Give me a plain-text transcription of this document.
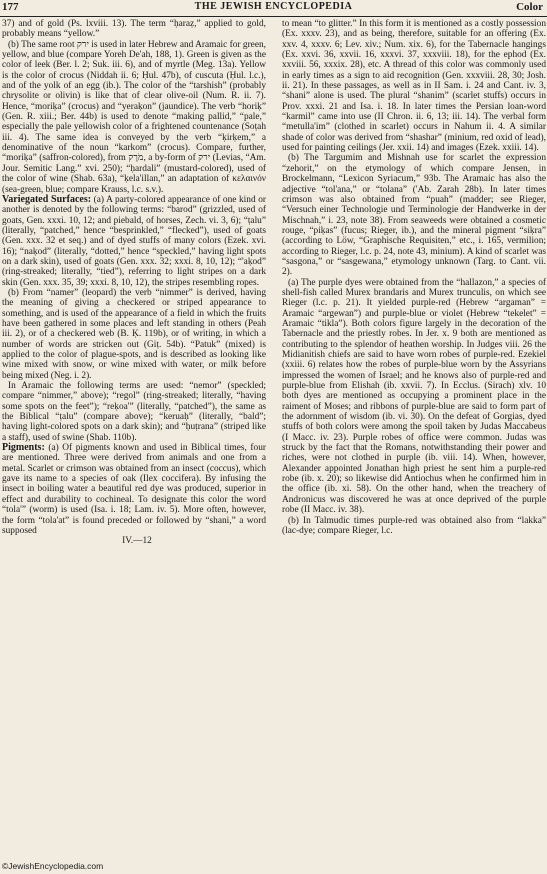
177	THE JEWISH ENCYCLOPEDIA	Color

37) and of gold (Ps. lxviii. 13). The term “ḥaraẓ,” applied to gold, probably means “yellow.”

(b) The same root ירק is used in later Hebrew and Aramaic for green, yellow, and blue (compare Yoreh De'ah, 188, 1). Green is given as the color of leek (Ber. l. 2; Suk. iii. 6), and of myrtle (Meg. 13a). Yellow is the color of crocus (Niddah ii. 6; Ḥul. 47b), of cuscuta (Ḥul. l.c.), and of the yolk of an egg (ib.). The color of the “tarshish” (probably chrysolite or olivin) is like that of clear olive-oil (Num. R. ii. 7). Hence, “moriḳa” (crocus) and “yeraḳon” (jaundice). The verb “horiḳ” (Gen. R. xiii.; Ber. 44b) is used to denote “making pallid,” “pale,” especially the pale yellowish color of a frightened countenance (Soṭah iii. 4). The same idea is conveyed by the verb “ḳirḳem,” a denominative of the noun “karkom” (crocus). Compare, further, “moriḳa” (saffron-colored), from מֹרֶק, a by-form of ירק (Levias, “Am. Jour. Semitic Lang.” xvi. 250); “ḥardali” (mustard-colored), used of the color of wine (Shab. 63a), “ḳela'illan,” an adaptation of κελαινόν (sea-green, blue; compare Krauss, l.c. s.v.).

Variegated Surfaces: (a) A party-colored appearance of one kind or another is denoted by the following terms: “barod” (grizzled, used of goats, Gen. xxxi. 10, 12; and piebald, of horses, Zech. vi. 3, 6); “ṭalu” (literally, “patched,” hence “besprinkled,” “flecked”), used of goats (Gen. xxx. 32 et seq.) and of dyed stuffs of many colors (Ezek. xvi. 16); “naḳod” (literally, “dotted,” hence “speckled,” having light spots on a dark skin), used of goats (Gen. xxx. 32; xxxi. 8, 10, 12); “'aḳod” (ring-streaked; literally, “tied”), referring to light stripes on a dark skin (Gen. xxx. 35, 39; xxxi. 8, 10, 12), the stripes resembling ropes.

(b) From “namer” (leopard) the verb “nimmer” is derived, having the meaning of giving a checkered or striped appearance to something, and is used of the appearance of a field in which the fruits have been gathered in some places and left standing in others (Peah iii. 2), or of a checkered web (B. Ḳ. 119b), or of writing, in which a number of words are stricken out (Giṭ. 54b). “Patuk” (mixed) is applied to the color of plague-spots, and is described as looking like wine mixed with snow, or wine mixed with water, or milk before being mixed (Neg. i. 2).

In Aramaic the following terms are used: “nemor” (speckled; compare “nimmer,” above); “regol” (ring-streaked; literally, “having some spots on the feet”); “reḳoa'” (literally, “patched”), the same as the Biblical “ṭalu” (compare above); “keruaḥ” (literally, “bald”; having light-colored spots on a dark skin); and “ḥuṭrana” (striped like a staff), used of swine (Shab. 110b).

Pigments: (a) Of pigments known and used in Biblical times, four are mentioned. Three were derived from animals and one from a metal. Scarlet or crimson was obtained from an insect (coccus), which gave its name to a species of oak (Ilex coccifera). By infusing the insect in boiling water a beautiful red dye was produced, superior in effect and durability to cochineal. To designate this color the word “tola'” (worm) is used (Isa. i. 18; Lam. iv. 5). More often, however, the form “tola'at” is found preceded or followed by “shani,” a word supposed

IV.—12

to mean “to glitter.” In this form it is mentioned as a costly possession (Ex. xxxv. 23), and as being, therefore, suitable for an offering (Ex. xxv. 4, xxxv. 6; Lev. xiv.; Num. xix. 6), for the Tabernacle hangings (Ex. xxvi. 36, xxvii. 16, xxxvi. 37, xxxviii. 18), for the ephod (Ex. xxviii. 56, xxxix. 28), etc. A thread of this color was commonly used in early times as a sign to aid recognition (Gen. xxxviii. 28, 30; Josh. ii. 21). In these passages, as well as in II Sam. i. 24 and Cant. iv. 3, “shani” alone is used. The plural “shanim” (scarlet stuffs) occurs in Prov. xxxi. 21 and Isa. i. 18. In later times the Persian loan-word “karmil” came into use (II Chron. ii. 6, 13; iii. 14). The verbal form “metulla'im” (clothed in scarlet) occurs in Nahum ii. 4. A similar shade of color was derived from “shashar” (minium, red oxid of lead), used for painting ceilings (Jer. xxii. 14) and images (Ezek. xxiii. 14).

(b) The Targumim and Mishnah use for scarlet the expression “zehorit,” on the etymology of which compare Jensen, in Brockelmann, “Lexicon Syriacum,” 93b. The Aramaic has also the adjective “tol'ana,” or “tolana” ('Ab. Zarah 28b). In later times crimson was also obtained from “puah” (madder; see Rieger, “Versuch einer Technologie und Terminologie der Handwerke in der Mischnah,” i. 23, note 38). From seaweeds were obtained a cosmetic rouge, “piḳas” (fucus; Rieger, ib.), and the mineral pigment “siḳra” (according to Löw, “Graphische Requisiten,” etc., i. 165, vermilion; according to Rieger, l.c. p. 24, note 43, minium). A kind of scarlet was “sasgona,” or “sasgewana,” etymology unknown (Targ. to Cant. vii. 2).

(a) The purple dyes were obtained from the “hallazon,” a species of shell-fish called Murex brandaris and Murex trunculis, on which see Rieger (l.c. p. 21). It yielded purple-red (Hebrew “argaman” = Aramaic “argewan”) and purple-blue or violet (Hebrew “tekelet” = Aramaic “tikla”). Both colors figure largely in the decoration of the Tabernacle and the priestly robes. In Jer. x. 9 both are mentioned as contributing to the splendor of heathen worship. In Judges viii. 26 the Midianitish chiefs are said to have worn robes of purple-red. Ezekiel (xxiii. 6) relates how the robes of purple-blue worn by the Assyrians impressed the women of Israel; and he knows also of purple-red and purple-blue from Elishah (ib. xxvii. 7). In Ecclus. (Sirach) xlv. 10 both dyes are mentioned as occupying a prominent place in the raiment of Moses; and ribbons of purple-blue are said to form part of the adornment of wisdom (ib. vi. 30). On the defeat of Gorgias, dyed stuffs of both colors were among the spoil taken by Judas Maccabeus (I Macc. iv. 23). Purple robes of office were common. Judas was struck by the fact that the Romans, notwithstanding their power and riches, were not clothed in purple (ib. viii. 14). When, however, Alexander appointed Jonathan high priest he sent him a purple-red robe (ib. x. 20); so likewise did Antiochus when he confirmed him in the office (ib. xi. 58). On the other hand, when the treachery of Andronicus was discovered he was at once deprived of the purple robe (II Macc. iv. 38).

(b) In Talmudic times purple-red was obtained also from “lakka” (lac-dye; compare Rieger, l.c.

©JewishEncyclopedia.com
